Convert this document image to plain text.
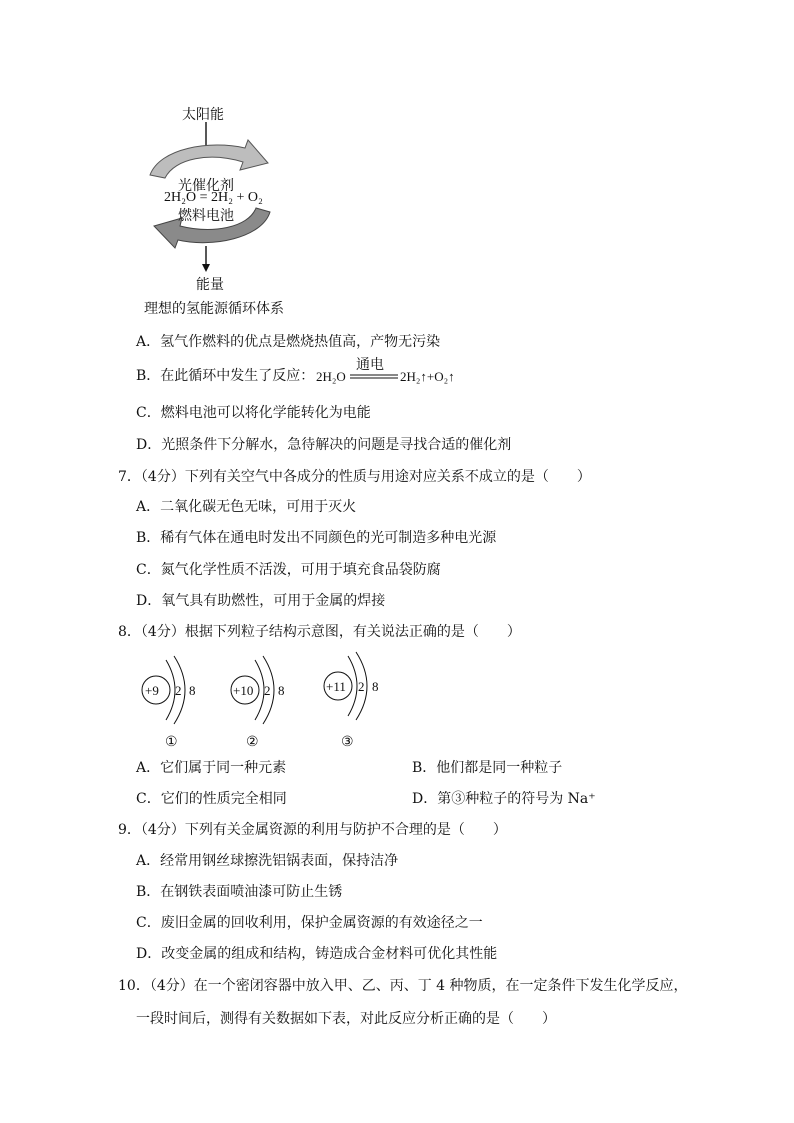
太阳能
光催化剂
2H₂O = 2H₂ + O₂
燃料电池
能量
理想的氢能源循环体系
A．氢气作燃料的优点是燃烧热值高，产物无污染
B．在此循环中发生了反应： 2H₂O
通电
2H₂↑+O₂↑
C．燃料电池可以将化学能转化为电能
D．光照条件下分解水，急待解决的问题是寻找合适的催化剂
7．（4分）下列有关空气中各成分的性质与用途对应关系不成立的是（　　）
A．二氧化碳无色无味，可用于灭火
B．稀有气体在通电时发出不同颜色的光可制造多种电光源
C．氮气化学性质不活泼，可用于填充食品袋防腐
D．氧气具有助燃性，可用于金属的焊接
8．（4分）根据下列粒子结构示意图，有关说法正确的是（　　）
+9 2 8
①
+10 2 8
②
+11 2 8
③
A．它们属于同一种元素	B．他们都是同一种粒子
C．它们的性质完全相同	D．第③种粒子的符号为 Na⁺
9．（4分）下列有关金属资源的利用与防护不合理的是（　　）
A．经常用钢丝球擦洗铝锅表面，保持洁净
B．在钢铁表面喷油漆可防止生锈
C．废旧金属的回收利用，保护金属资源的有效途径之一
D．改变金属的组成和结构，铸造成合金材料可优化其性能
10．（4分）在一个密闭容器中放入甲、乙、丙、丁 4 种物质，在一定条件下发生化学反应，
一段时间后，测得有关数据如下表，对此反应分析正确的是（　　）
